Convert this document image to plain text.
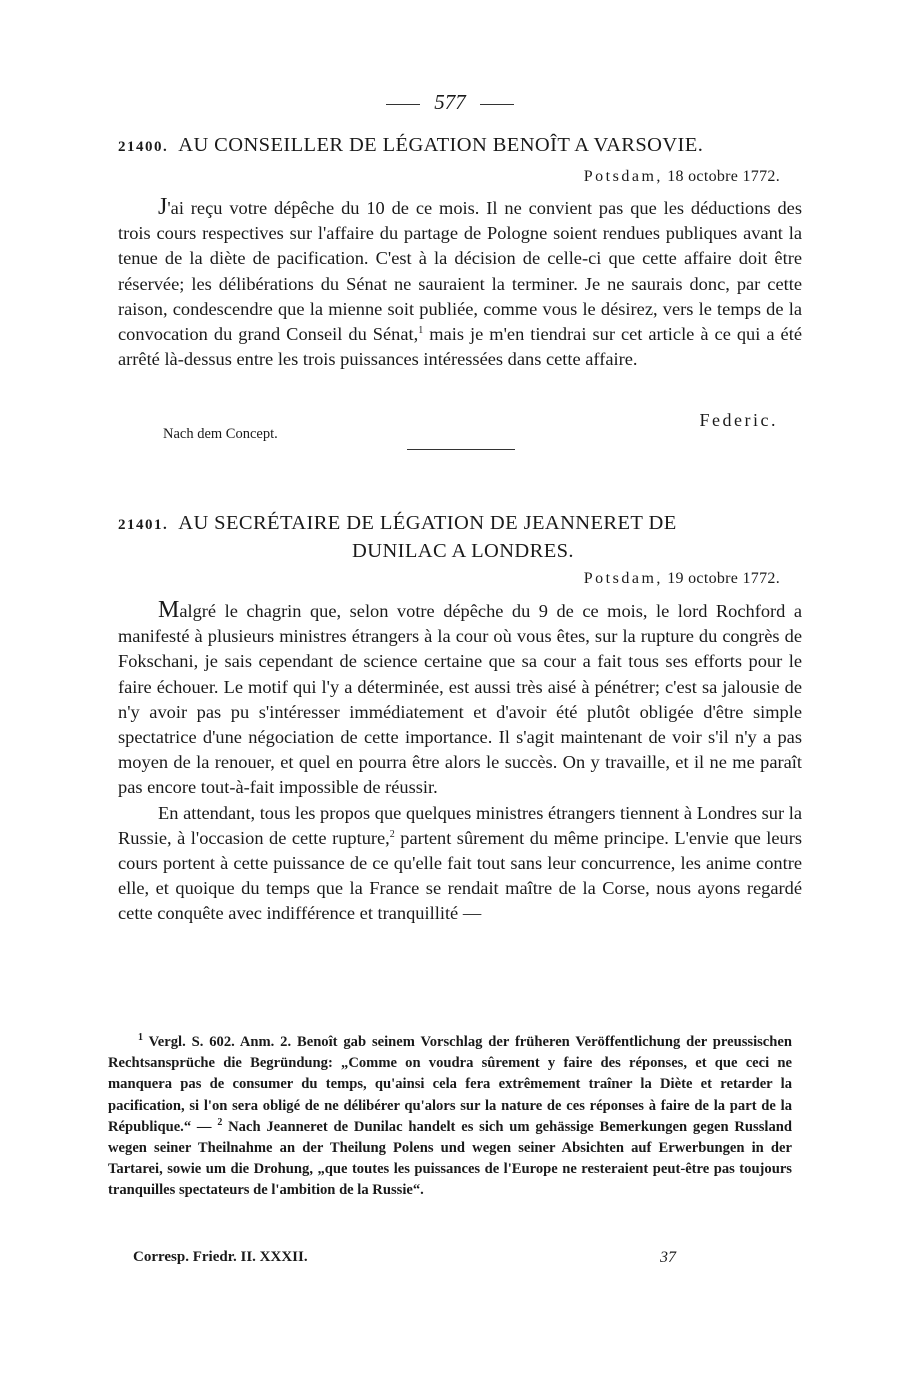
577
21400. AU CONSEILLER DE LÉGATION BENOÎT A VARSOVIE.
Potsdam, 18 octobre 1772.

J'ai reçu votre dépêche du 10 de ce mois. Il ne convient pas que les déductions des trois cours respectives sur l'affaire du partage de Pologne soient rendues publiques avant la tenue de la diète de pacification. C'est à la décision de celle-ci que cette affaire doit être réservée; les délibérations du Sénat ne sauraient la terminer. Je ne saurais donc, par cette raison, condescendre que la mienne soit publiée, comme vous le désirez, vers le temps de la convocation du grand Conseil du Sénat,$^1$ mais je m'en tiendrai sur cet article à ce qui a été arrêté là-dessus entre les trois puissances intéressées dans cette affaire.

Federic.
Nach dem Concept.
21401. AU SECRÉTAIRE DE LÉGATION DE JEANNERET DE
DUNILAC A LONDRES.
Potsdam, 19 octobre 1772.

Malgré le chagrin que, selon votre dépêche du 9 de ce mois, le lord Rochford a manifesté à plusieurs ministres étrangers à la cour où vous êtes, sur la rupture du congrès de Fokschani, je sais cependant de science certaine que sa cour a fait tous ses efforts pour le faire échouer. Le motif qui l'y a déterminée, est aussi très aisé à pénétrer; c'est sa jalousie de n'y avoir pas pu s'intéresser immédiatement et d'avoir été plutôt obligée d'être simple spectatrice d'une négociation de cette importance. Il s'agit maintenant de voir s'il n'y a pas moyen de la renouer, et quel en pourra être alors le succès. On y travaille, et il ne me paraît pas encore tout-à-fait impossible de réussir.

En attendant, tous les propos que quelques ministres étrangers tiennent à Londres sur la Russie, à l'occasion de cette rupture,$^2$ partent sûrement du même principe. L'envie que leurs cours portent à cette puissance de ce qu'elle fait tout sans leur concurrence, les anime contre elle, et quoique du temps que la France se rendait maître de la Corse, nous ayons regardé cette conquête avec indifférence et tranquillité —

$^1$ Vergl. S. 602. Anm. 2. Benoît gab seinem Vorschlag der früheren Veröffentlichung der preussischen Rechtsansprüche die Begründung: „Comme on voudra sûrement y faire des réponses, et que ceci ne manquera pas de consumer du temps, qu'ainsi cela fera extrêmement traîner la Diète et retarder la pacification, si l'on sera obligé de ne délibérer qu'alors sur la nature de ces réponses à faire de la part de la République.“ — $^2$ Nach Jeanneret de Dunilac handelt es sich um gehässige Bemerkungen gegen Russland wegen seiner Theilnahme an der Theilung Polens und wegen seiner Absichten auf Erwerbungen in der Tartarei, sowie um die Drohung, „que toutes les puissances de l'Europe ne resteraient peut-être pas toujours tranquilles spectateurs de l'ambition de la Russie“.

Corresp. Friedr. II. XXXII.	37
